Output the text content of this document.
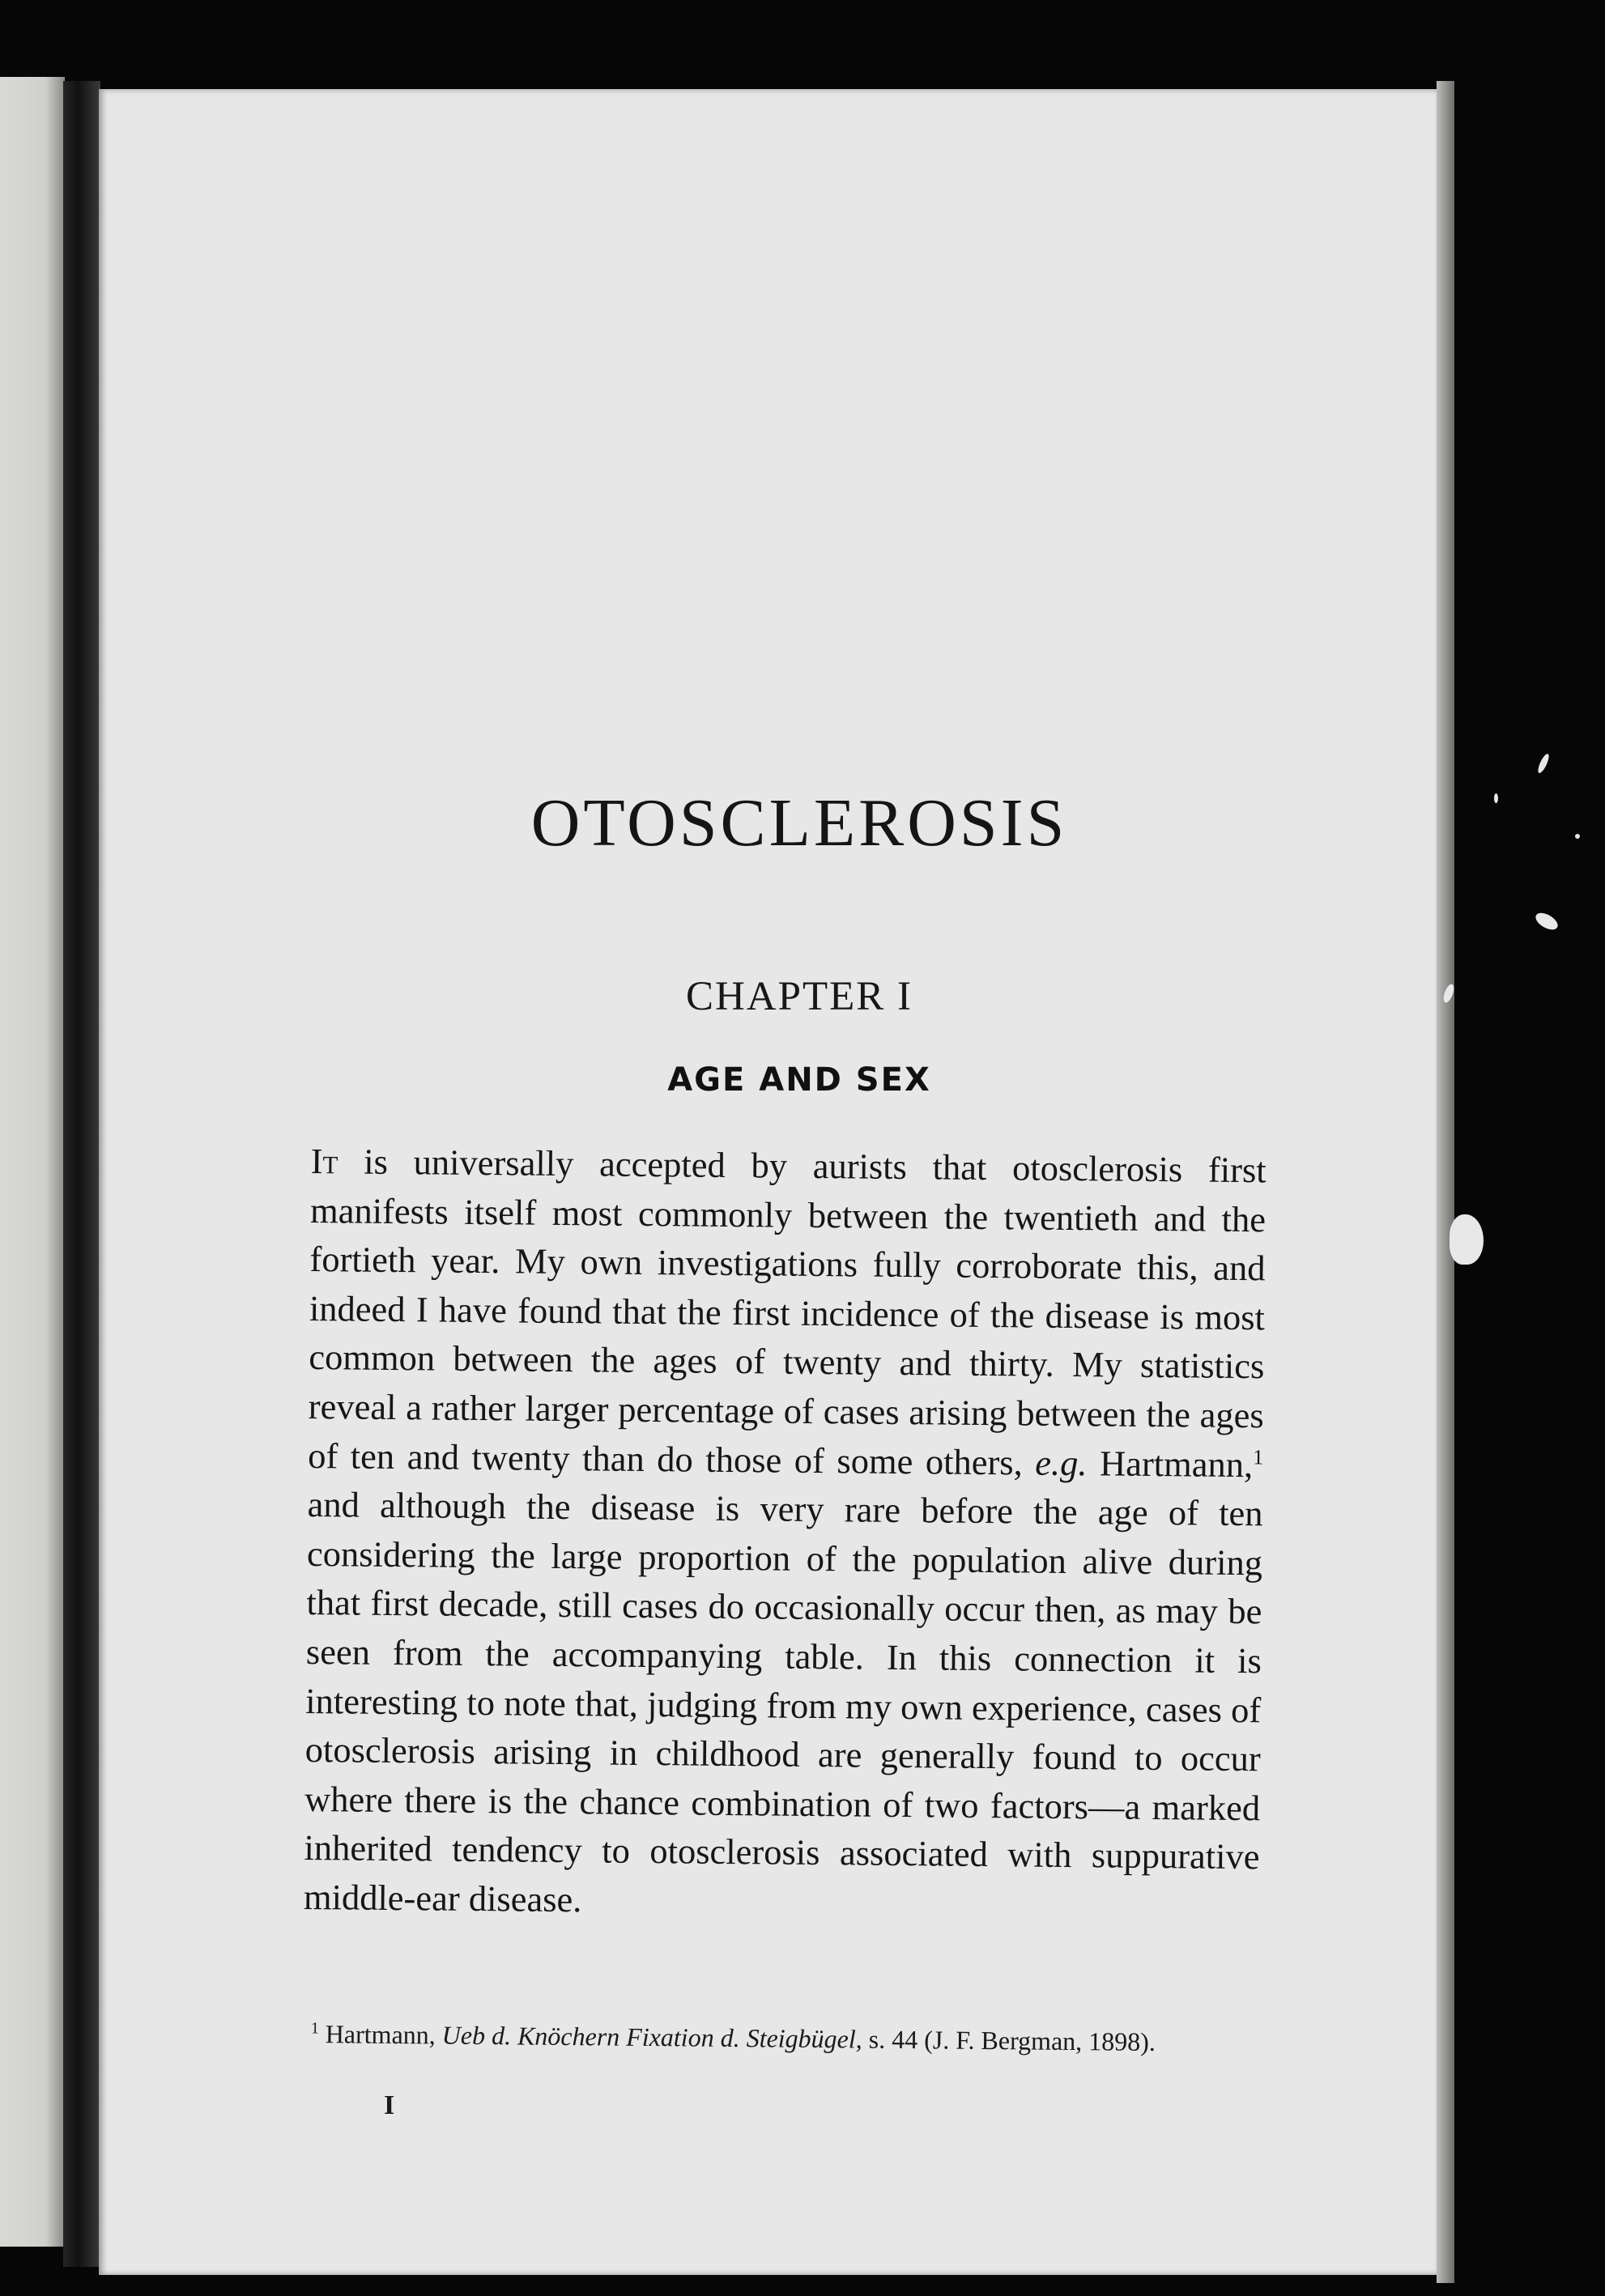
OTOSCLEROSIS
CHAPTER I
AGE AND SEX

It is universally accepted by aurists that otosclerosis first manifests itself most commonly between the twentieth and the fortieth year. My own investigations fully corroborate this, and indeed I have found that the first incidence of the disease is most common between the ages of twenty and thirty. My statistics reveal a rather larger percentage of cases arising between the ages of ten and twenty than do those of some others, e.g. Hartmann,$^1$ and although the disease is very rare before the age of ten considering the large proportion of the population alive during that first decade, still cases do occasionally occur then, as may be seen from the accompanying table. In this connection it is interesting to note that, judging from my own experience, cases of otosclerosis arising in childhood are generally found to occur where there is the chance combination of two factors—a marked inherited tendency to otosclerosis associated with suppurative middle-ear disease.

$^1$ Hartmann, Ueb d. Knöchern Fixation d. Steigbügel, s. 44 (J. F. Bergman, 1898).

I
